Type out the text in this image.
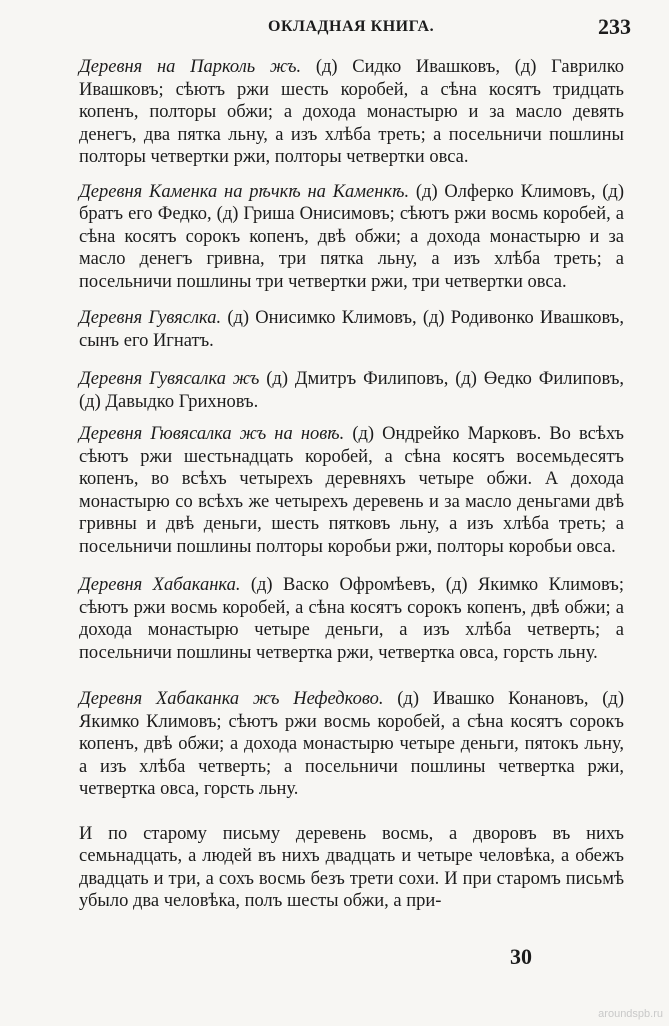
ОКЛАДНАЯ КНИГА.	233

Деревня на Парколь жъ. (д) Сидко Ивашковъ, (д) Гаврилко Ивашковъ; сѣютъ ржи шесть коробей, а сѣна косятъ тридцать копенъ, полторы обжи; а дохода монастырю и за масло девять денегъ, два пятка льну, а изъ хлѣба треть; а посельничи пошлины полторы четвертки ржи, полторы четвертки овса.

Деревня Каменка на рѣчкѣ на Каменкѣ. (д) Олферко Климовъ, (д) братъ его Федко, (д) Гриша Онисимовъ; сѣютъ ржи восмь коробей, а сѣна косятъ сорокъ копенъ, двѣ обжи; а дохода монастырю и за масло денегъ гривна, три пятка льну, а изъ хлѣба треть; а посельничи пошлины три четвертки ржи, три четвертки овса.

Деревня Гувяслка. (д) Онисимко Климовъ, (д) Родивонко Ивашковъ, сынъ его Игнатъ.

Деревня Гувясалка жъ (д) Дмитръ Филиповъ, (д) Өедко Филиповъ, (д) Давыдко Грихновъ.

Деревня Гювясалка жъ на новѣ. (д) Ондрейко Марковъ. Во всѣхъ сѣютъ ржи шестьнадцать коробей, а сѣна косятъ восемьдесятъ копенъ, во всѣхъ четырехъ деревняхъ четыре обжи. А дохода монастырю со всѣхъ же четырехъ деревень и за масло деньгами двѣ гривны и двѣ деньги, шесть пятковъ льну, а изъ хлѣба треть; а посельничи пошлины полторы коробьи ржи, полторы коробьи овса.

Деревня Хабаканка. (д) Васко Офромѣевъ, (д) Якимко Климовъ; сѣютъ ржи восмь коробей, а сѣна косятъ сорокъ копенъ, двѣ обжи; а дохода монастырю четыре деньги, а изъ хлѣба четверть; а посельничи пошлины четвертка ржи, четвертка овса, горсть льну.

Деревня Хабаканка жъ Нефедково. (д) Ивашко Конановъ, (д) Якимко Климовъ; сѣютъ ржи восмь коробей, а сѣна косятъ сорокъ копенъ, двѣ обжи; а дохода монастырю четыре деньги, пятокъ льну, а изъ хлѣба четверть; а посельничи пошлины четвертка ржи, четвертка овса, горсть льну.

И по старому письму деревень восмь, а дворовъ въ нихъ семьнадцать, а людей въ нихъ двадцать и четыре человѣка, а обежъ двадцать и три, а сохъ восмь безъ трети сохи. И при старомъ письмѣ убыло два человѣка, полъ шесты обжи, а при-

30
aroundspb.ru
